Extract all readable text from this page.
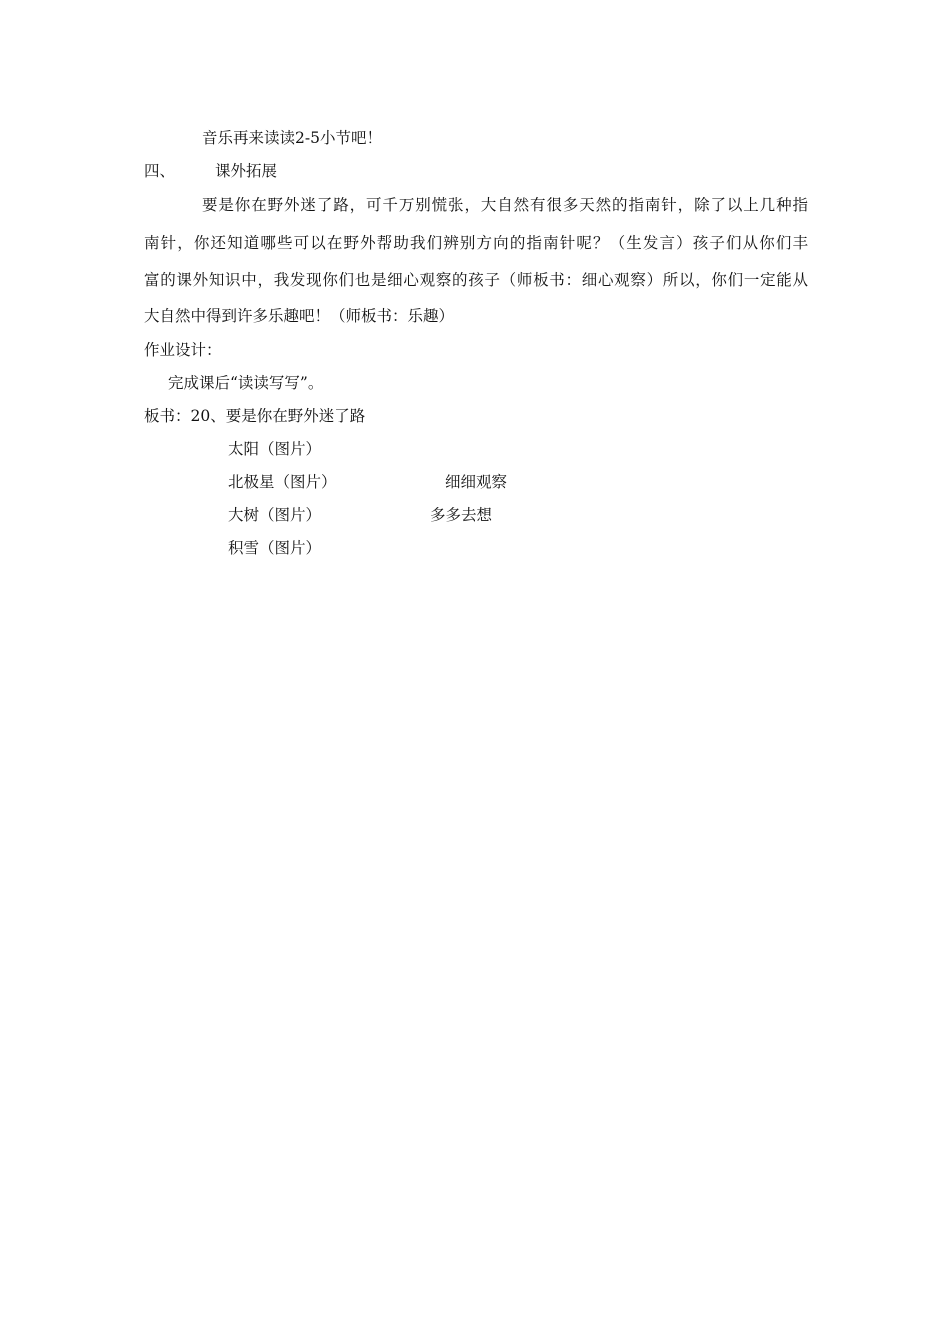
音乐再来读读2-5小节吧！
四、	课外拓展
要是你在野外迷了路，可千万别慌张，大自然有很多天然的指南针，除了以上几种指
南针，你还知道哪些可以在野外帮助我们辨别方向的指南针呢？（生发言）孩子们从你们丰
富的课外知识中，我发现你们也是细心观察的孩子（师板书：细心观察）所以，你们一定能从
大自然中得到许多乐趣吧！（师板书：乐趣）
作业设计：
完成课后“读读写写”。
板书：20、要是你在野外迷了路
太阳（图片）
北极星（图片）	细细观察
大树（图片）	多多去想
积雪（图片）
